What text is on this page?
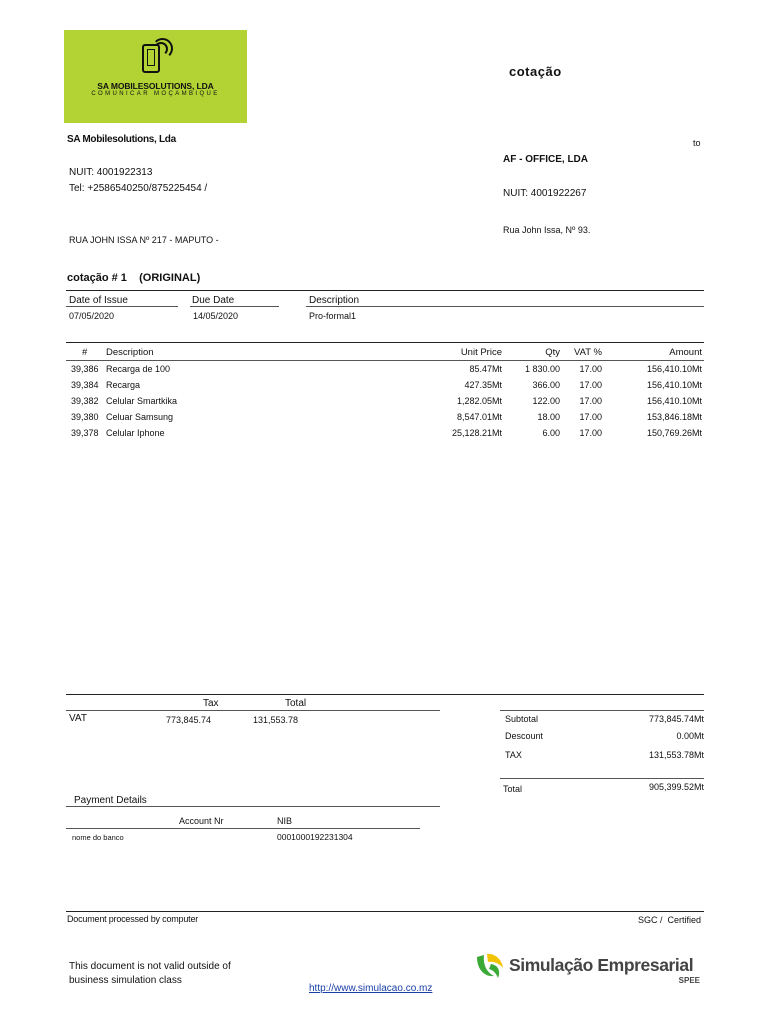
SA MOBILESOLUTIONS, LDA
COMUNICAR MOÇAMBIQUE
cotação
SA Mobilesolutions, Lda
NUIT: 4001922313
Tel: +2586540250/875225454 /
RUA JOHN ISSA Nº 217 - MAPUTO -
to
AF - OFFICE, LDA
NUIT: 4001922267
Rua John Issa, Nº 93.
cotação # 1    (ORIGINAL)
Date of Issue
07/05/2020
Due Date
14/05/2020
Description
Pro-formal1
# Description	Unit Price	Qty VAT %	Amount
39,386 Recarga de 100	85.47Mt	1 830.00 17.00	156,410.10Mt
39,384 Recarga	427.35Mt	366.00 17.00	156,410.10Mt
39,382 Celular Smartkika	1,282.05Mt	122.00 17.00	156,410.10Mt
39,380 Celuar Samsung	8,547.01Mt	18.00 17.00	153,846.18Mt
39,378 Celular Iphone	25,128.21Mt	6.00 17.00	150,769.26Mt
Tax	Total
VAT	773,845.74	131,553.78	Subtotal	773,845.74Mt
Descount	0.00Mt
TAX	131,553.78Mt
Total	905,399.52Mt
Payment Details
Account Nr	NIB
nome do banco	0001000192231304
Document processed by computer	SGC /  Certified
This document is not valid outside of
business simulation class
http://www.simulacao.co.mz
Simulação Empresarial
SPEE
